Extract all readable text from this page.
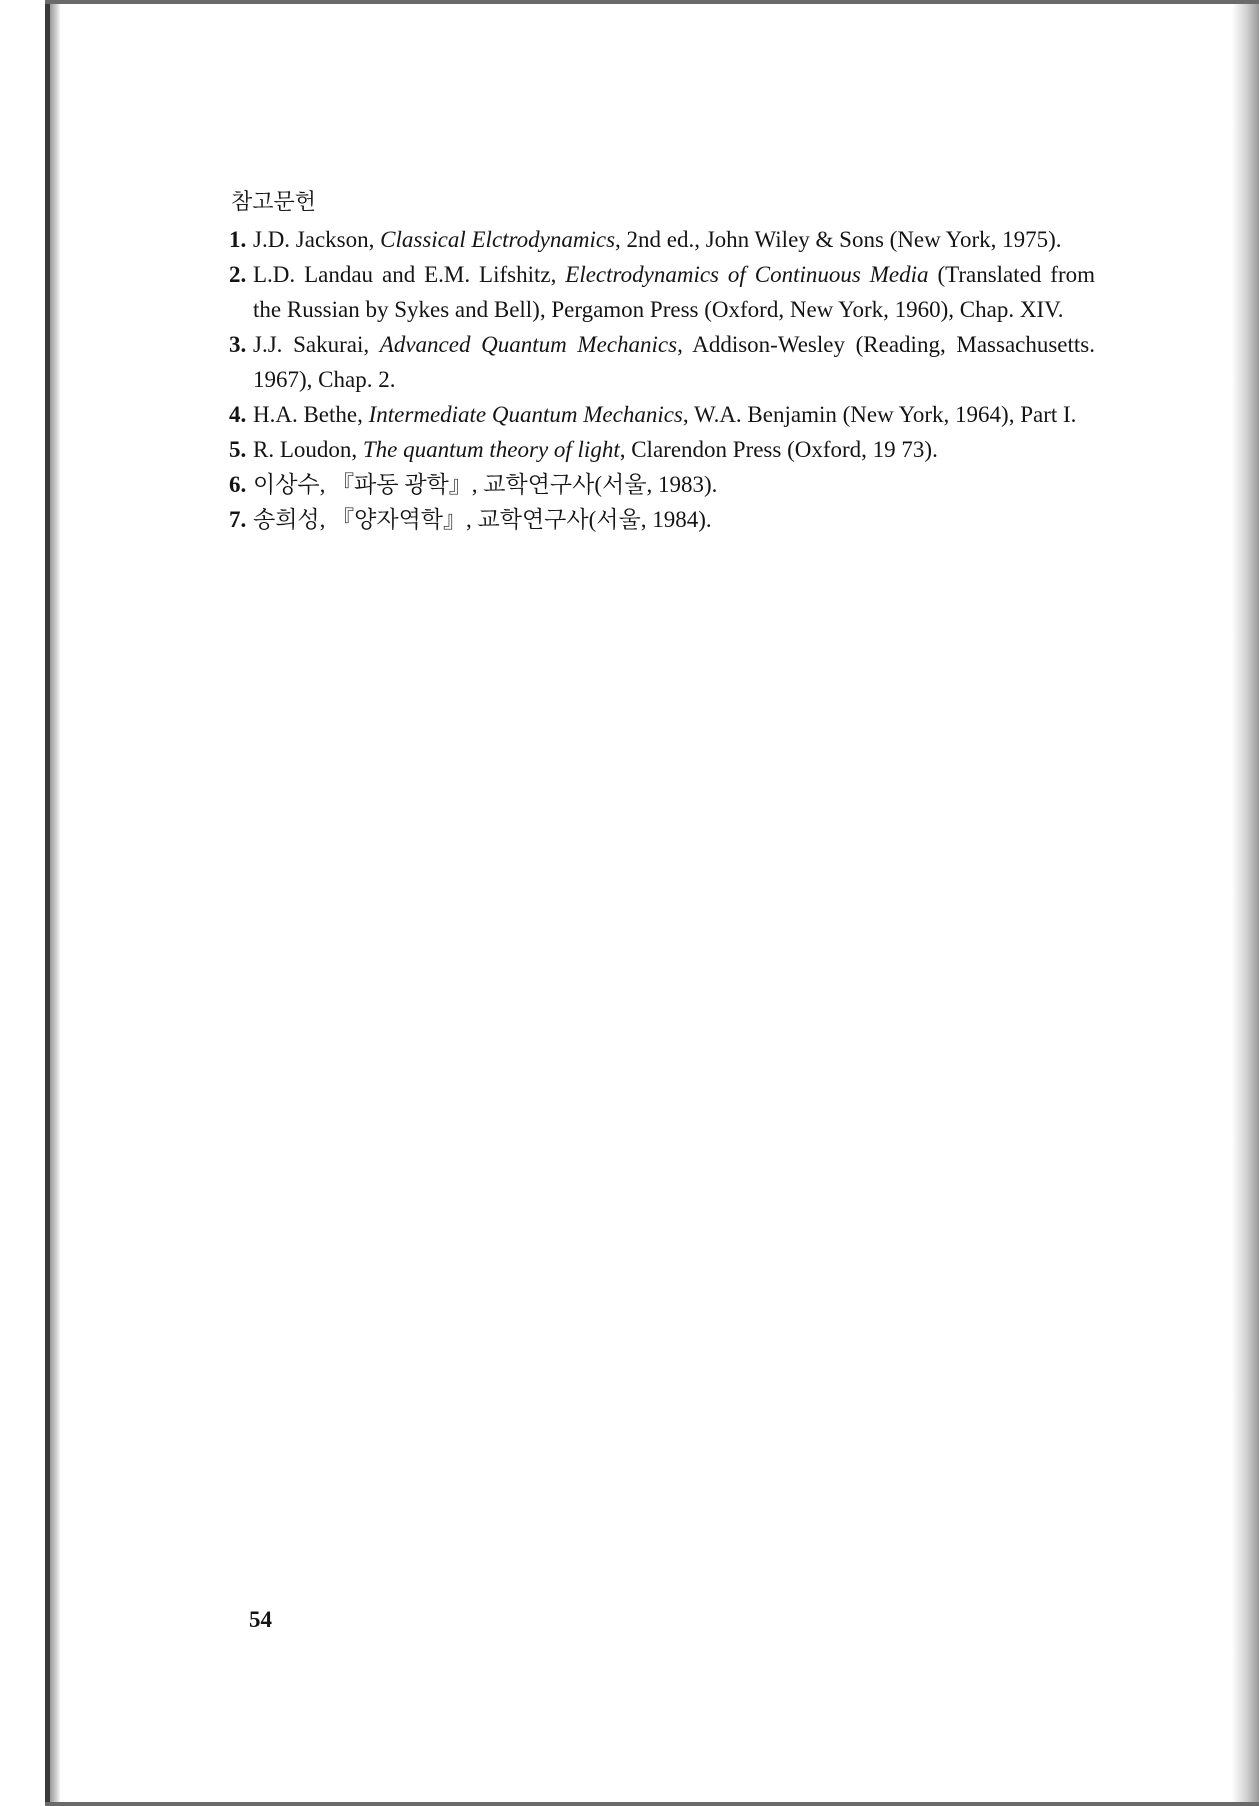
참고문헌
1. J.D. Jackson, Classical Elctrodynamics, 2nd ed., John Wiley & Sons (New York, 1975).
2. L.D. Landau and E.M. Lifshitz, Electrodynamics of Continuous Media (Translated from the Russian by Sykes and Bell), Pergamon Press (Oxford, New York, 1960), Chap. XIV.
3. J.J. Sakurai, Advanced Quantum Mechanics, Addison-Wesley (Reading, Massachusetts. 1967), Chap. 2.
4. H.A. Bethe, Intermediate Quantum Mechanics, W.A. Benjamin (New York, 1964), Part I.
5. R. Loudon, The quantum theory of light, Clarendon Press (Oxford, 19 73).
6. 이상수, 『파동 광학』, 교학연구사(서울, 1983).
7. 송희성, 『양자역학』, 교학연구사(서울, 1984).
54
